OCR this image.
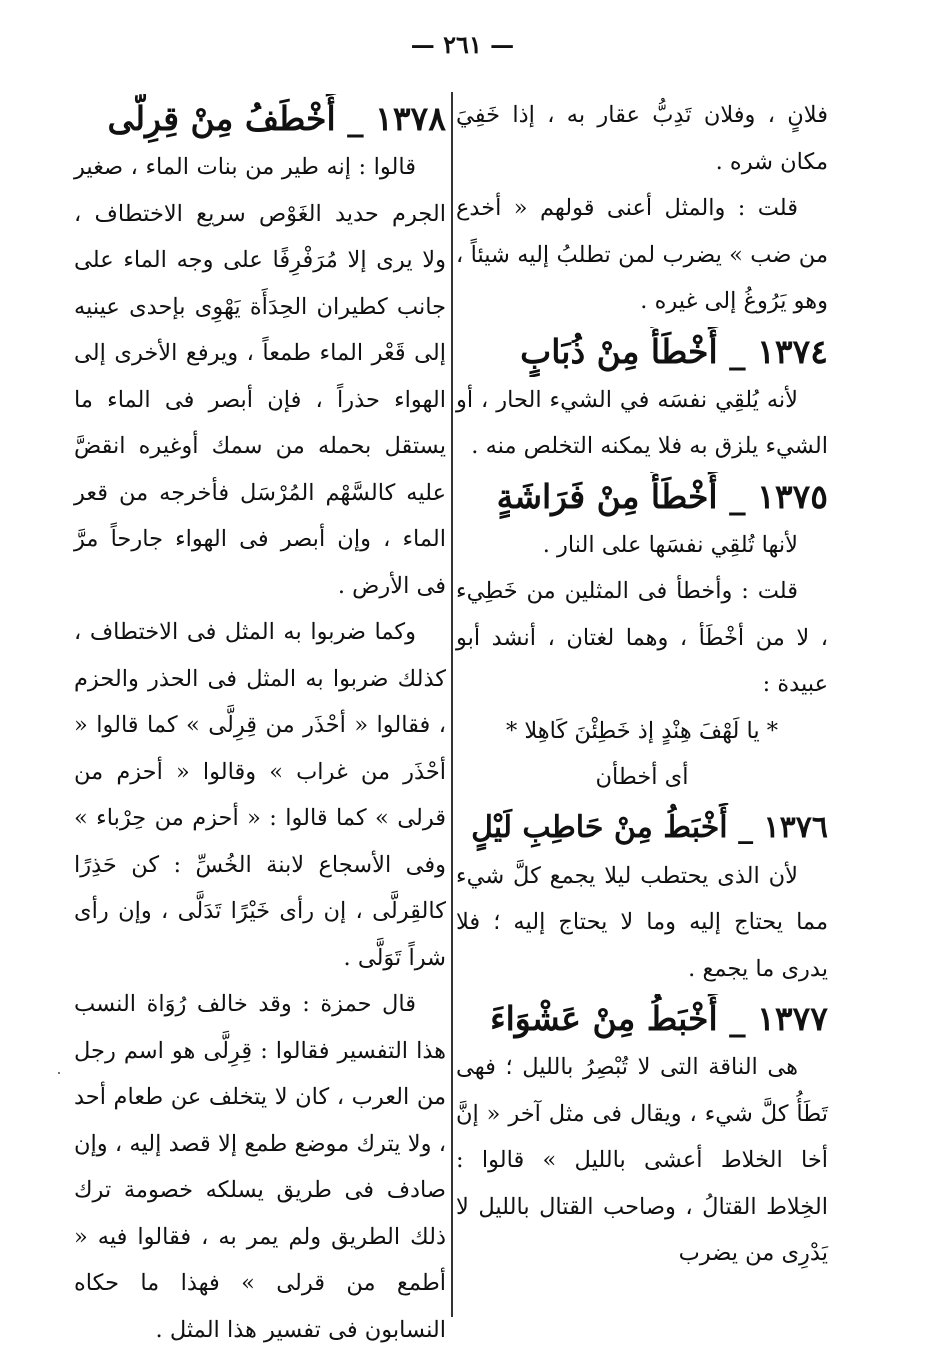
— ٢٦١ —

فلانٍ ، وفلان تَدِبُّ عقار به ، إذا خَفِيَ مكان شره .

قلت : والمثل أعنى قولهم « أخدع من ضب » يضرب لمن تطلبُ إليه شيئاً ، وهو يَرُوغُ إلى غيره .

١٣٧٤ _ أَخْطَأُ مِنْ ذُبَابٍ

لأنه يُلقِي نفسَه في الشيء الحار ، أو الشيء يلزق به فلا يمكنه التخلص منه .

١٣٧٥ _ أَخْطَأُ مِنْ فَرَاشَةٍ

لأنها تُلقِي نفسَها على النار .

قلت : وأخطأ فى المثلين من خَطِيء ، لا من أخْطَأ ، وهما لغتان ، أنشد أبو عبيدة :

* يا لَهْفَ هِنْدٍ إذ خَطِئْنَ كَاهِلا *

أى أخطأن

١٣٧٦ _ أَخْبَطُ مِنْ حَاطِبِ لَيْلٍ

لأن الذى يحتطب ليلا يجمع كلَّ شيء مما يحتاج إليه وما لا يحتاج إليه ؛ فلا يدرى ما يجمع .

١٣٧٧ _ أَخْبَطُ مِنْ عَشْوَاءَ

هى الناقة التى لا تُبْصِرُ بالليل ؛ فهى تَطَأُ كلَّ شيء ، ويقال فى مثل آخر « إنَّ أخا الخلاط أعشى بالليل » قالوا : الخِلاط القتالُ ، وصاحب القتال بالليل لا يَدْرِى من يضرب

١٣٧٨ _ أَخْطَفُ مِنْ قِرِلَّى

قالوا : إنه طير من بنات الماء ، صغير الجرم حديد الغَوْص سريع الاختطاف ، ولا يرى إلا مُرَفْرِفًا على وجه الماء على جانب كطيران الحِدَأَة يَهْوِى بإحدى عينيه إلى قَعْر الماء طمعاً ، ويرفع الأخرى إلى الهواء حذراً ، فإن أبصر فى الماء ما يستقل بحمله من سمك أوغيره انقضَّ عليه كالسَّهْم المُرْسَل فأخرجه من قعر الماء ، وإن أبصر فى الهواء جارحاً مرَّ فى الأرض .

وكما ضربوا به المثل فى الاختطاف ، كذلك ضربوا به المثل فى الحذر والحزم ، فقالوا « أحْذَر من قِرِلَّى » كما قالوا « أحْذَر من غراب » وقالوا « أحزم من قرلى » كما قالوا : « أحزم من حِرْباء » وفى الأسجاع لابنة الخُسِّ : كن حَذِرًا كالقِرلَّى ، إن رأى خَيْرًا تَدَلَّى ، وإن رأى شراً تَوَلَّى .

قال حمزة : وقد خالف رُوَاة النسب هذا التفسير فقالوا : قِرِلَّى هو اسم رجل من العرب ، كان لا يتخلف عن طعام أحد ، ولا يترك موضع طمع إلا قصد إليه ، وإن صادف فى طريق يسلكه خصومة ترك ذلك الطريق ولم يمر به ، فقالوا فيه « أطمع من قرلى » فهذا ما حكاه النسابون فى تفسير هذا المثل .
